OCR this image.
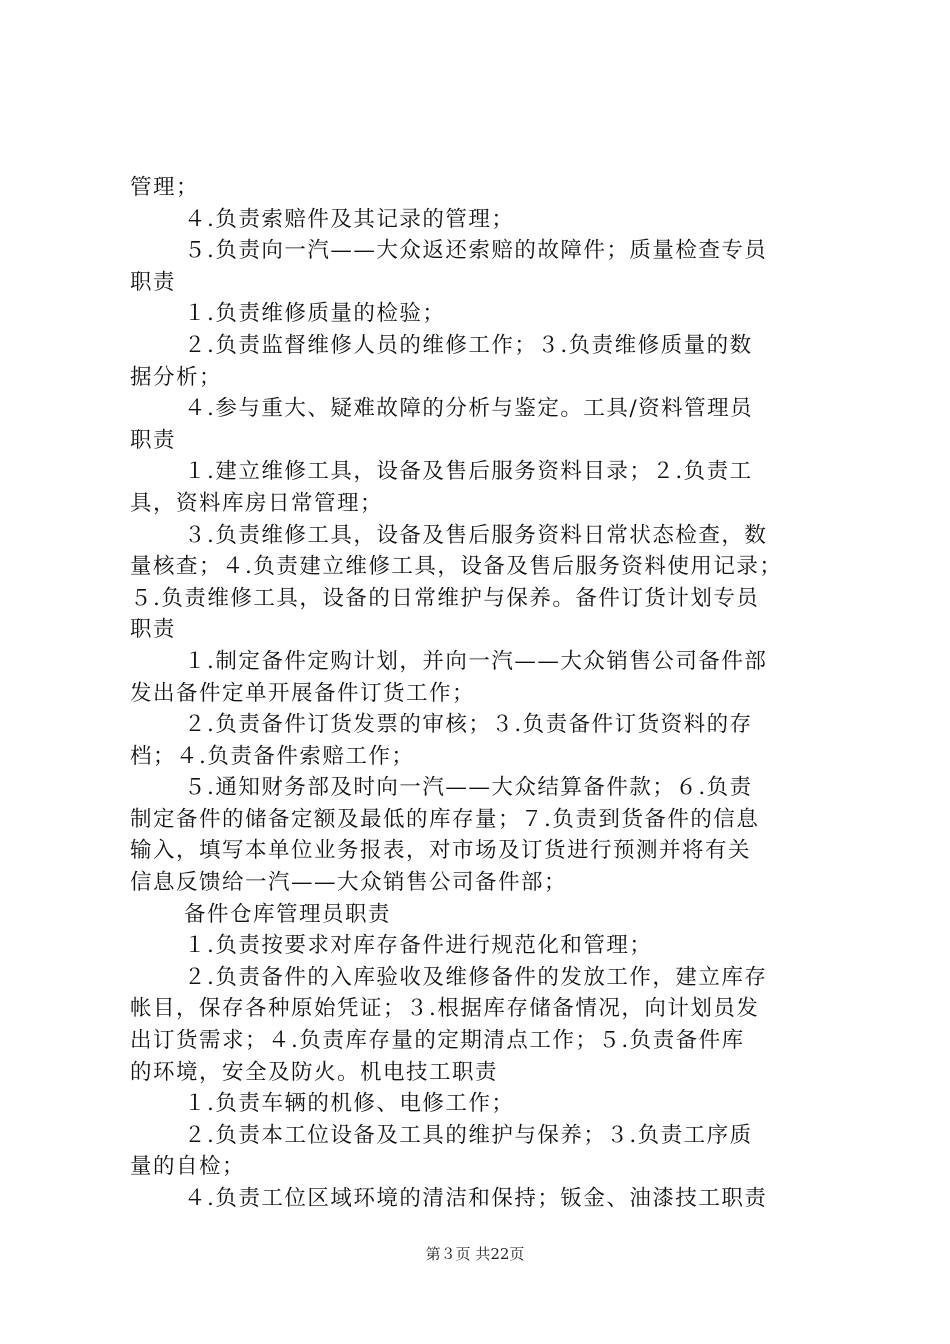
管理；
４.负责索赔件及其记录的管理；
５.负责向一汽——大众返还索赔的故障件；质量检查专员
职责
１.负责维修质量的检验；
２.负责监督维修人员的维修工作；３.负责维修质量的数
据分析；
４.参与重大、疑难故障的分析与鉴定。工具/资料管理员
职责
１.建立维修工具，设备及售后服务资料目录；２.负责工
具，资料库房日常管理；
３.负责维修工具，设备及售后服务资料日常状态检查，数
量核查；４.负责建立维修工具，设备及售后服务资料使用记录；
５.负责维修工具，设备的日常维护与保养。备件订货计划专员
职责
１.制定备件定购计划，并向一汽——大众销售公司备件部
发出备件定单开展备件订货工作；
２.负责备件订货发票的审核；３.负责备件订货资料的存
档；４.负责备件索赔工作；
５.通知财务部及时向一汽——大众结算备件款；６.负责
制定备件的储备定额及最低的库存量；７.负责到货备件的信息
输入，填写本单位业务报表，对市场及订货进行预测并将有关
信息反馈给一汽——大众销售公司备件部；
备件仓库管理员职责
１.负责按要求对库存备件进行规范化和管理；
２.负责备件的入库验收及维修备件的发放工作，建立库存
帐目，保存各种原始凭证；３.根据库存储备情况，向计划员发
出订货需求；４.负责库存量的定期清点工作；５.负责备件库
的环境，安全及防火。机电技工职责
１.负责车辆的机修、电修工作；
２.负责本工位设备及工具的维护与保养；３.负责工序质
量的自检；
４.负责工位区域环境的清洁和保持；钣金、油漆技工职责
第３页 共22页
